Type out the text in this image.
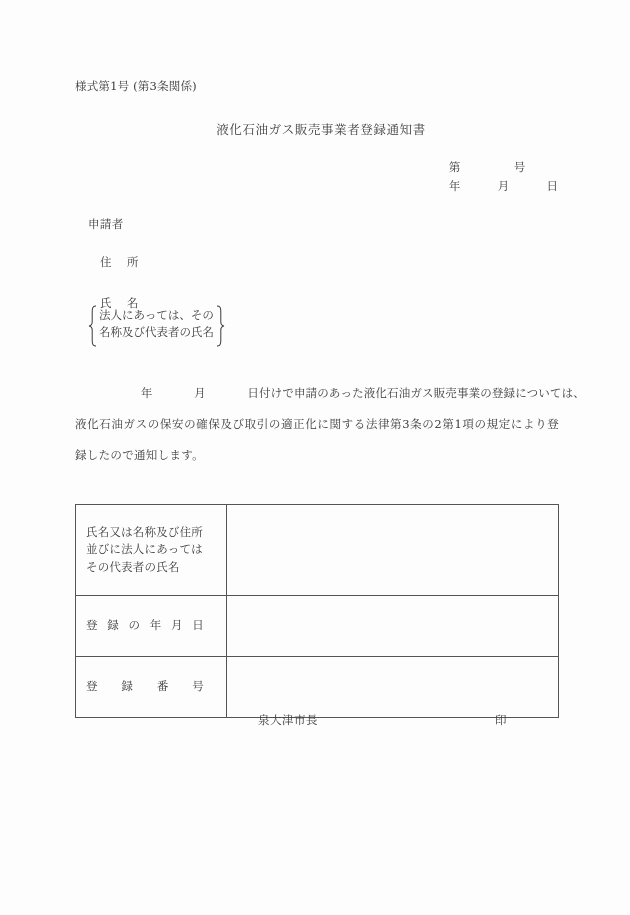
様式第1号 (第3条関係)
液化石油ガス販売事業者登録通知書
第	号
年	月	日
申請者
住 所
氏 名
法人にあっては、その
名称及び代表者の氏名
年	月	日付けで申請のあった液化石油ガス販売事業の登録については、
液化石油ガスの保安の確保及び取引の適正化に関する法律第3条の2第1項の規定により登
録したので通知します。
氏名又は名称及び住所
並びに法人にあっては
その代表者の氏名	

登録の年月日	
登録番号	
泉大津市長	印
